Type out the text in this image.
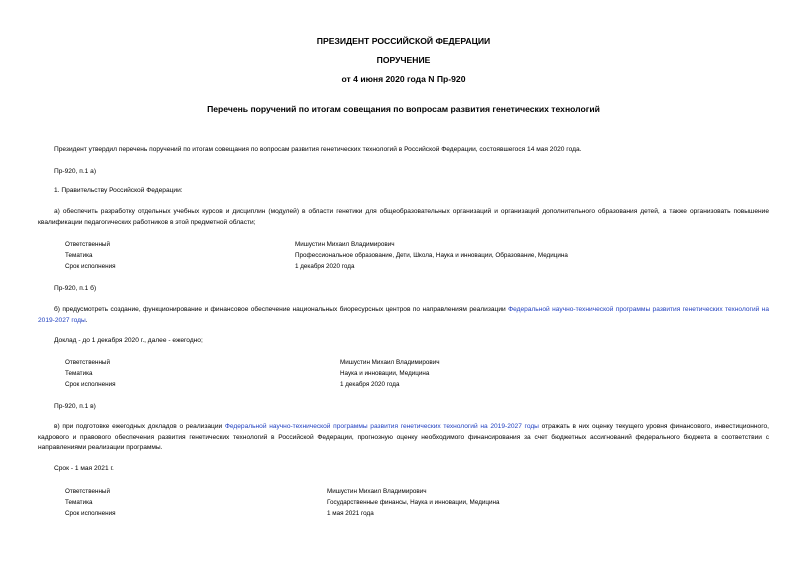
ПРЕЗИДЕНТ РОССИЙСКОЙ ФЕДЕРАЦИИ
ПОРУЧЕНИЕ
от 4 июня 2020 года N Пр-920
Перечень поручений по итогам совещания по вопросам развития генетических технологий
Президент утвердил перечень поручений по итогам совещания по вопросам развития генетических технологий в Российской Федерации, состоявшегося 14 мая 2020 года.
Пр-920, п.1 а)
1. Правительству Российской Федерации:
а) обеспечить разработку отдельных учебных курсов и дисциплин (модулей) в области генетики для общеобразовательных организаций и организаций дополнительного образования детей, а также организовать повышение квалификации педагогических работников в этой предметной области;
Ответственный	Мишустин Михаил Владимирович
Тематика	Профессиональное образование, Дети, Школа, Наука и инновации, Образование, Медицина
Срок исполнения	1 декабря 2020 года
Пр-920, п.1 б)
б) предусмотреть создание, функционирование и финансовое обеспечение национальных биоресурсных центров по направлениям реализации Федеральной научно-технической программы развития генетических технологий на 2019-2027 годы.
Доклад - до 1 декабря 2020 г., далее - ежегодно;
Ответственный	Мишустин Михаил Владимирович
Тематика	Наука и инновации, Медицина
Срок исполнения	1 декабря 2020 года
Пр-920, п.1 в)
в) при подготовке ежегодных докладов о реализации Федеральной научно-технической программы развития генетических технологий на 2019-2027 годы отражать в них оценку текущего уровня финансового, инвестиционного, кадрового и правового обеспечения развития генетических технологий в Российской Федерации, прогнозную оценку необходимого финансирования за счет бюджетных ассигнований федерального бюджета в соответствии с направлениями реализации программы.
Срок - 1 мая 2021 г.
Ответственный	Мишустин Михаил Владимирович
Тематика	Государственные финансы, Наука и инновации, Медицина
Срок исполнения	1 мая 2021 года
